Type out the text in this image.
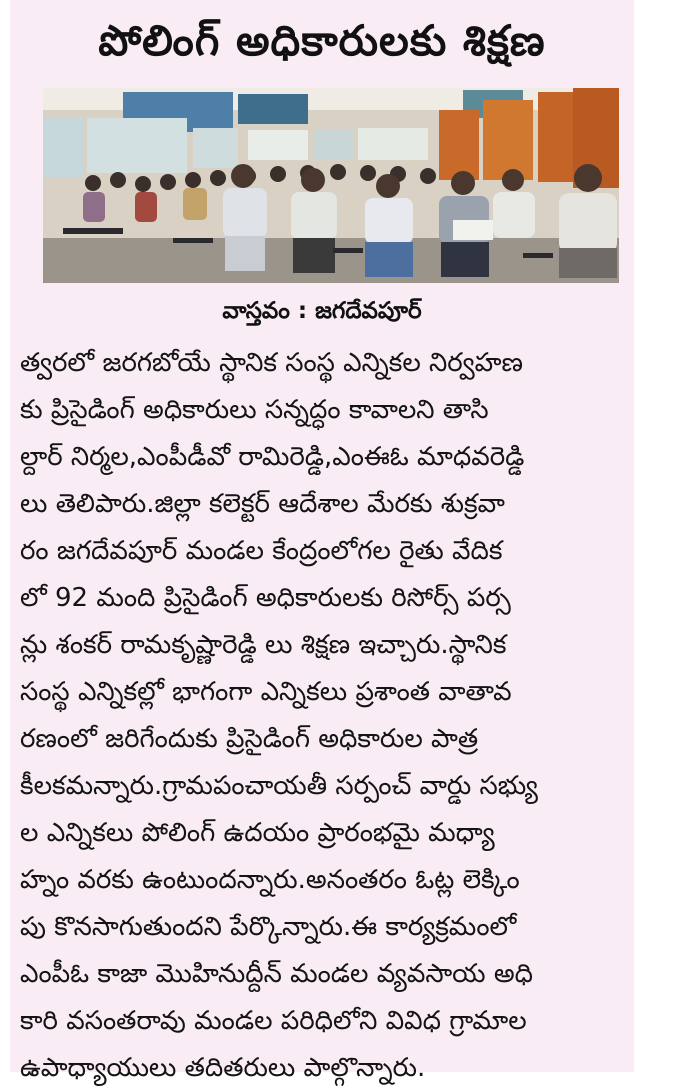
పోలింగ్ అధికారులకు శిక్షణ
వాస్తవం : జగదేవపూర్
త్వరలో జరగబోయే స్థానిక సంస్థ ఎన్నికల నిర్వహణ
కు ప్రిసైడింగ్ అధికారులు సన్నద్ధం కావాలని తాసి
ల్దార్ నిర్మల,ఎంపీడీవో రామిరెడ్డి,ఎంఈఓ మాధవరెడ్డి
లు తెలిపారు.జిల్లా కలెక్టర్ ఆదేశాల మేరకు శుక్రవా
రం జగదేవపూర్ మండల కేంద్రంలోగల రైతు వేదిక
లో 92 మంది ప్రిసైడింగ్ అధికారులకు రిసోర్స్ పర్స
న్లు శంకర్ రామకృష్ణారెడ్డి లు శిక్షణ ఇచ్చారు.స్థానిక
సంస్థ ఎన్నికల్లో భాగంగా ఎన్నికలు ప్రశాంత వాతావ
రణంలో జరిగేందుకు ప్రిసైడింగ్ అధికారుల పాత్ర
కీలకమన్నారు.గ్రామపంచాయతీ సర్పంచ్ వార్డు సభ్యు
ల ఎన్నికలు పోలింగ్ ఉదయం ప్రారంభమై మధ్యా
హ్నం వరకు ఉంటుందన్నారు.అనంతరం ఓట్ల లెక్కిం
పు కొనసాగుతుందని పేర్కొన్నారు.ఈ కార్యక్రమంలో
ఎంపీఓ కాజా మొహినుద్దీన్ మండల వ్యవసాయ అధి
కారి వసంతరావు మండల పరిధిలోని వివిధ గ్రామాల
ఉపాధ్యాయులు తదితరులు పాల్గొన్నారు.
